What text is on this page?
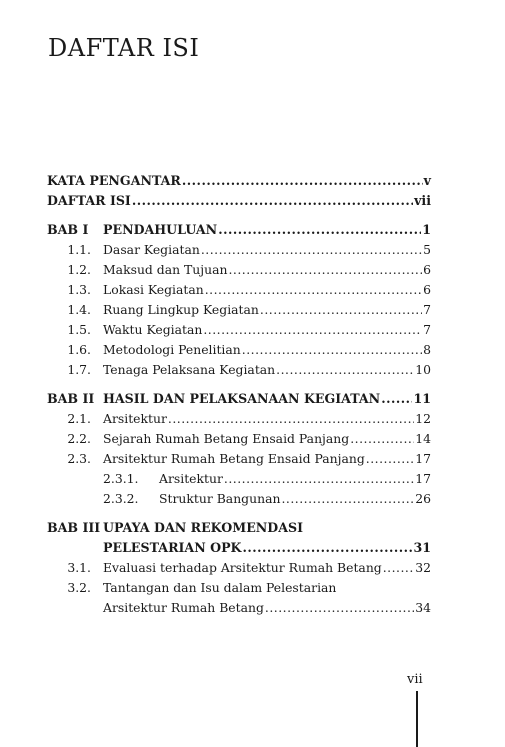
DAFTAR ISI
KATA PENGANTAR .....	v
DAFTAR ISI .....	vii
BAB I	PENDAHULUAN .....	1
1.1. Dasar Kegiatan .....	5
1.2. Maksud dan Tujuan .....	6
1.3. Lokasi Kegiatan .....	6
1.4. Ruang Lingkup Kegiatan .....	7
1.5. Waktu Kegiatan .....	7
1.6. Metodologi Penelitian .....	8
1.7. Tenaga Pelaksana Kegiatan .....	10
BAB II HASIL DAN PELAKSANAAN KEGIATAN .....	11
2.1. Arsitektur .....	12
2.2. Sejarah Rumah Betang Ensaid Panjang .....	14
2.3. Arsitektur Rumah Betang Ensaid Panjang .....	17
2.3.1.	Arsitektur .....	17
2.3.2.	Struktur Bangunan .....	26
BAB III UPAYA DAN REKOMENDASI
PELESTARIAN OPK .....	31
3.1. Evaluasi terhadap Arsitektur Rumah Betang .....	32
3.2. Tantangan dan Isu dalam Pelestarian
Arsitektur Rumah Betang .....	34
vii
